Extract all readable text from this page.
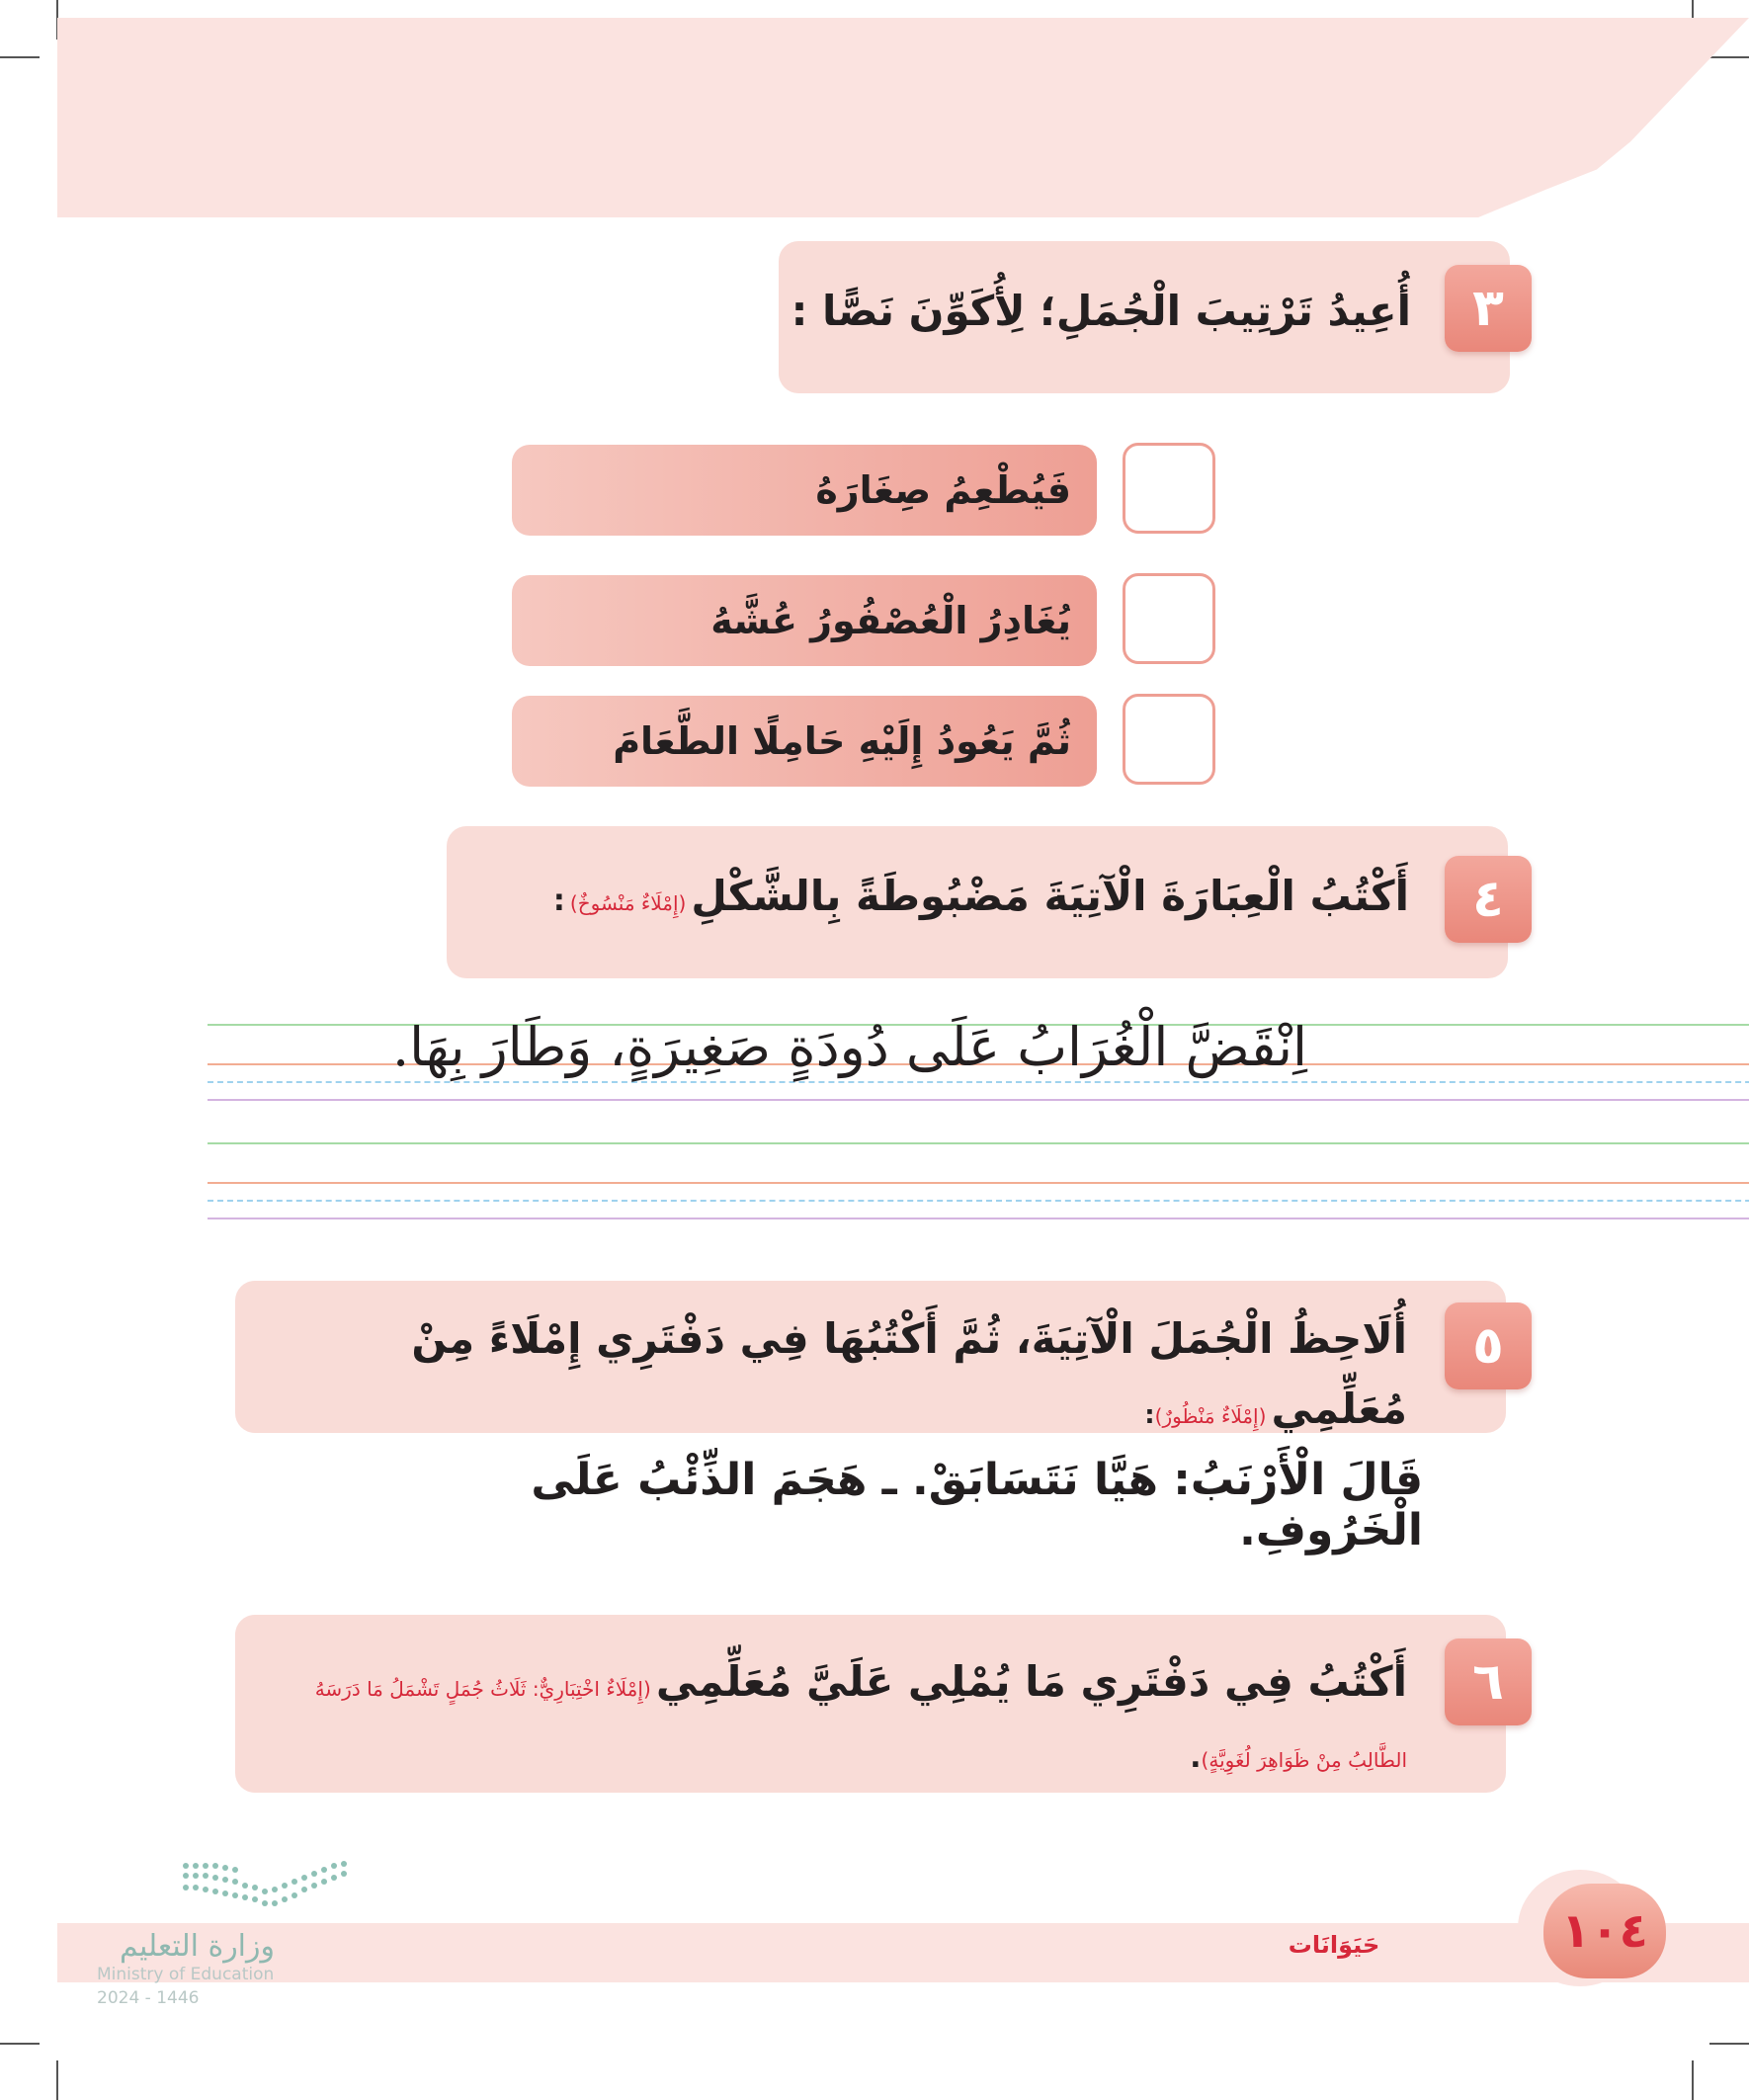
أُعِيدُ تَرْتِيبَ الْجُمَلِ؛ لِأُكَوِّنَ نَصًّا :	٣
فَيُطْعِمُ صِغَارَهُ
يُغَادِرُ الْعُصْفُورُ عُشَّهُ
ثُمَّ يَعُودُ إِلَيْهِ حَامِلًا الطَّعَامَ
أَكْتُبُ الْعِبَارَةَ الْآتِيَةَ مَضْبُوطَةً بِالشَّكْلِ (إِمْلَاءٌ مَنْسُوخٌ) :	٤
اِنْقَضَّ الْغُرَابُ عَلَى دُودَةٍ صَغِيرَةٍ، وَطَارَ بِهَا.
أُلَاحِظُ الْجُمَلَ الْآتِيَةَ، ثُمَّ أَكْتُبُهَا فِي دَفْتَرِي إِمْلَاءً مِنْ مُعَلِّمِي (إِمْلَاءٌ مَنْظُورٌ):
٥
قَالَ الْأَرْنَبُ: هَيَّا نَتَسَابَقْ. ـ هَجَمَ الذِّئْبُ عَلَى الْخَرُوفِ.
أَكْتُبُ فِي دَفْتَرِي مَا يُمْلِي عَلَيَّ مُعَلِّمِي (إِمْلَاءٌ اخْتِبَارِيٌّ: ثَلَاثُ جُمَلٍ تَشْمَلُ مَا دَرَسَهُ الطَّالِبُ مِنْ ظَوَاهِرَ لُغَوِيَّةٍ).
٦
١٠٤
حَيَوَانَات
وزارة التعليم
Ministry of Education
2024 - 1446
